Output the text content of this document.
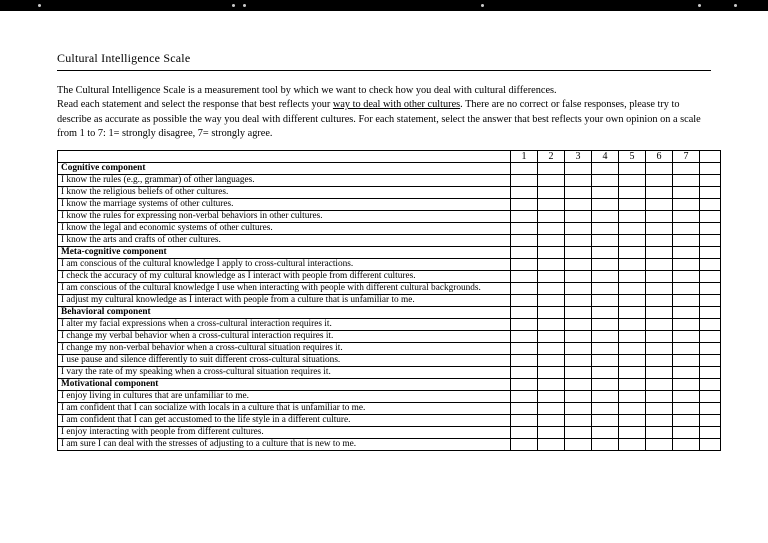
Cultural Intelligence Scale

The Cultural Intelligence Scale is a measurement tool by which we want to check how you deal with cultural differences.
Read each statement and select the response that best reflects your way to deal with other cultures. There are no correct or false responses, please try to describe as accurate as possible the way you deal with different cultures. For each statement, select the answer that best reflects your own opinion on a scale from 1 to 7: 1= strongly disagree, 7= strongly agree.

	1	2	3	4	5	6	7	
Cognitive component								
I know the rules (e.g., grammar) of other languages.								
I know the religious beliefs of other cultures.								
I know the marriage systems of other cultures.								
I know the rules for expressing non-verbal behaviors in other cultures.								
I know the legal and economic systems of other cultures.								
I know the arts and crafts of other cultures.								
Meta-cognitive component								
I am conscious of the cultural knowledge I apply to cross-cultural interactions.								
I check the accuracy of my cultural knowledge as I interact with people from different cultures.								
I am conscious of the cultural knowledge I use when interacting with people with different cultural backgrounds.								
I adjust my cultural knowledge as I interact with people from a culture that is unfamiliar to me.								
Behavioral component								
I alter my facial expressions when a cross-cultural interaction requires it.								
I change my verbal behavior when a cross-cultural interaction requires it.								
I change my non-verbal behavior when a cross-cultural situation requires it.								
I use pause and silence differently to suit different cross-cultural situations.								
I vary the rate of my speaking when a cross-cultural situation requires it.								
Motivational component								
I enjoy living in cultures that are unfamiliar to me.								
I am confident that I can socialize with locals in a culture that is unfamiliar to me.								
I am confident that I can get accustomed to the life style in a different culture.								
I enjoy interacting with people from different cultures.								
I am sure I can deal with the stresses of adjusting to a culture that is new to me.								
